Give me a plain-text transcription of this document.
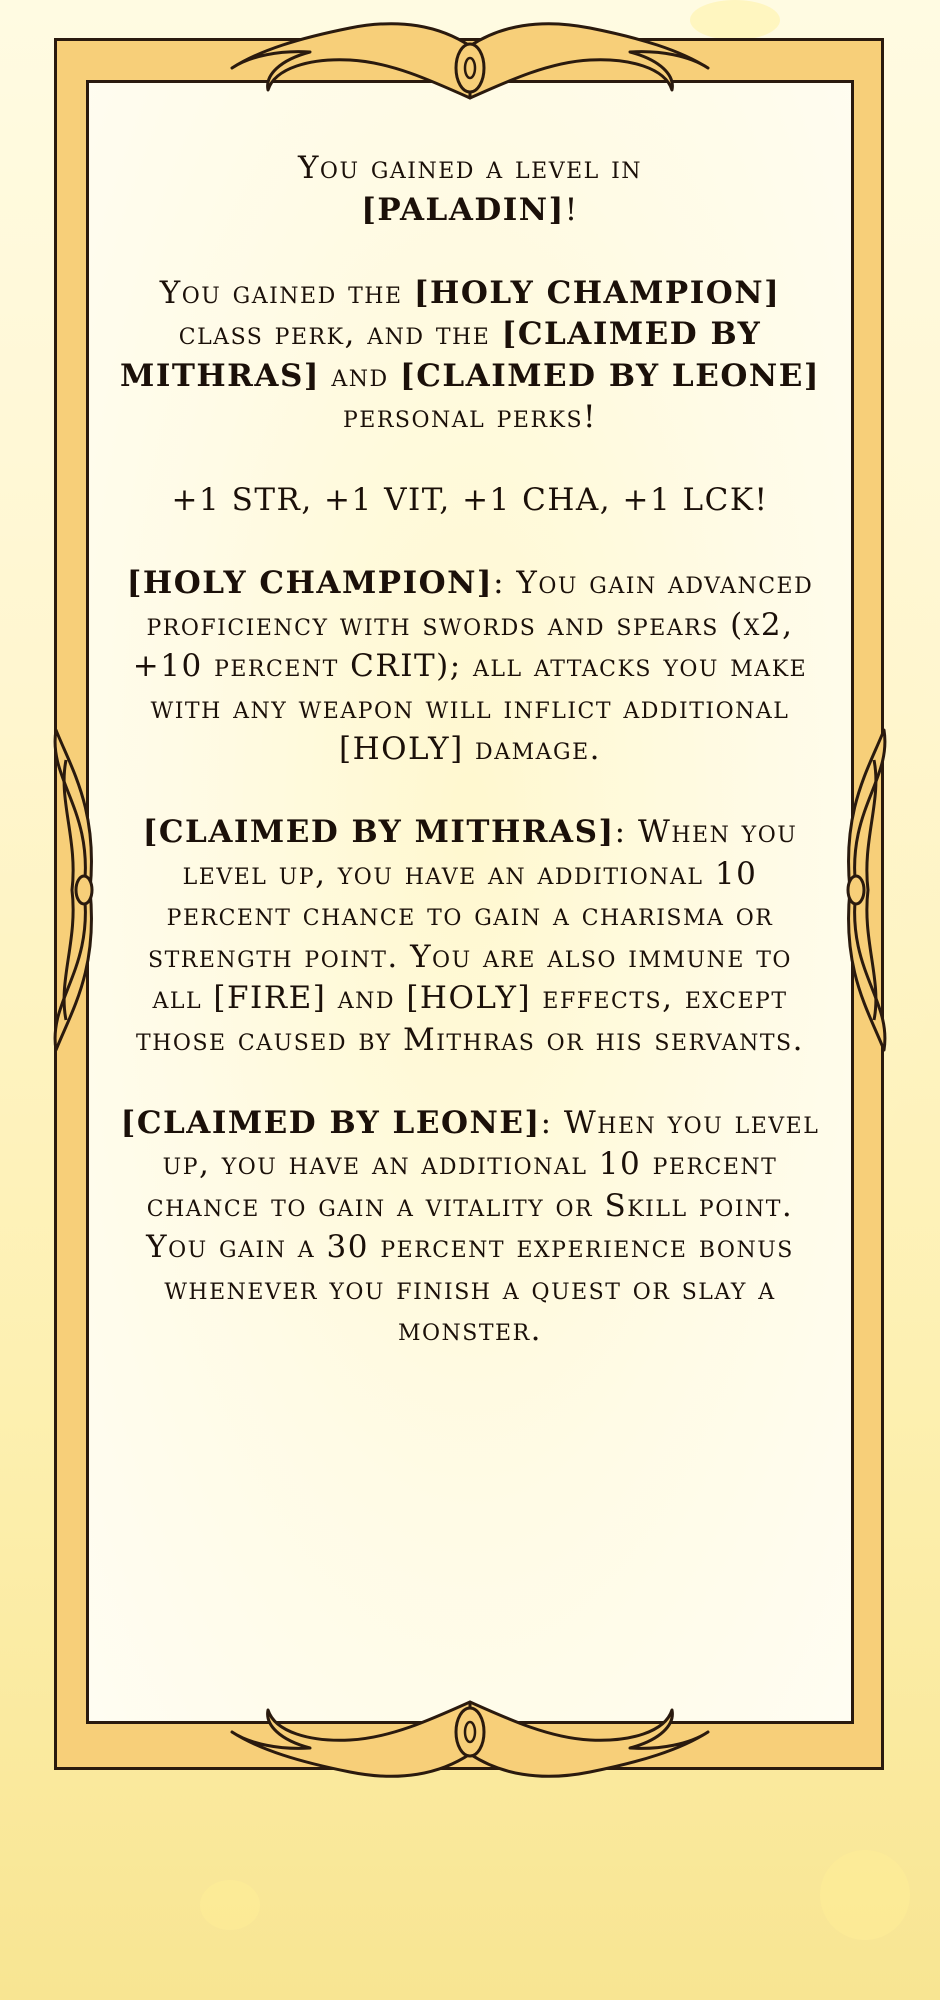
You gained a level in
[PALADIN]!

You gained the [HOLY CHAMPION] class perk, and the [CLAIMED BY MITHRAS] and [CLAIMED BY LEONE] personal perks!

+1 STR, +1 VIT, +1 CHA, +1 LCK!

[HOLY CHAMPION]: You gain advanced proficiency with swords and spears (x2, +10 percent CRIT); all attacks you make with any weapon will inflict additional [HOLY] damage.

[CLAIMED BY MITHRAS]: When you level up, you have an additional 10 percent chance to gain a charisma or strength point. You are also immune to all [FIRE] and [HOLY] effects, except those caused by Mithras or his servants.

[CLAIMED BY LEONE]: When you level up, you have an additional 10 percent chance to gain a vitality or Skill point. You gain a 30 percent experience bonus whenever you finish a quest or slay a monster.
